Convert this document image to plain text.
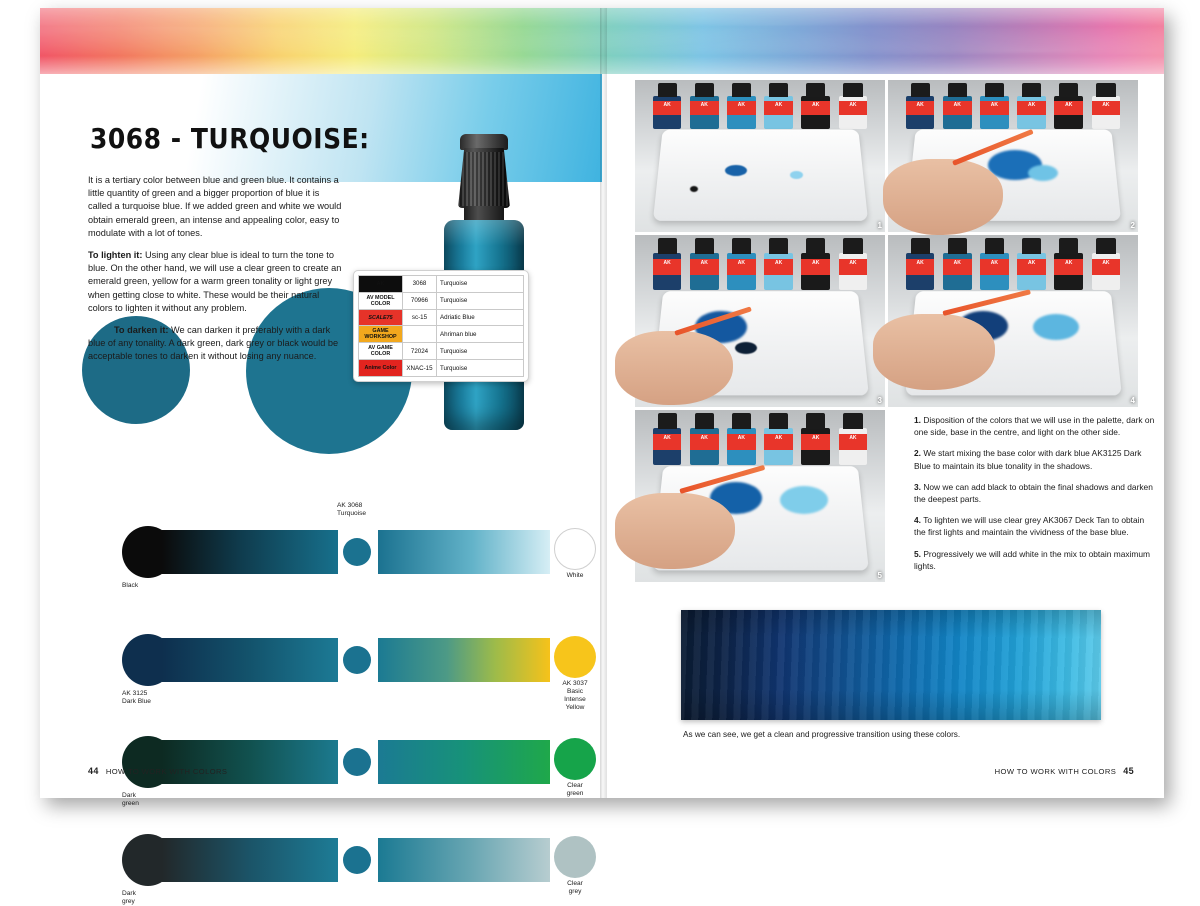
3068 - TURQUOISE:

It is a tertiary color between blue and green blue. It contains a little quantity of green and a bigger proportion of blue it is called a turquoise blue. If we added green and white we would obtain emerald green, an intense and appealing color, easy to modulate with a lot of tones.

To lighten it: Using any clear blue is ideal to turn the tone to blue. On the other hand, we will use a clear green to create an emerald green, yellow for a warm green tonality or light grey when getting close to white. These would be their natural colors to lighten it without any problem.

To darken it: We can darken it preferably with a dark blue of any tonality. A dark green, dark grey or black would be acceptable tones to darken it without losing any nuance.

AK	3068	Turquoise
AV MODEL COLOR	70966	Turquoise
SCALE75	sc-15	Adriatic Blue
GAME WORKSHOP		Ahriman blue
AV GAME COLOR	72024	Turquoise
Anime Color	XNAC-15	Turquoise
AK 3068
Turquoise
Black
White
AK 3125
Dark Blue
AK 3037
Basic
Intense
Yellow
Dark
green
Clear
green
Dark
grey
Clear
grey
44 HOW TO WORK WITH COLORS
AK
AK
AK
AK
AK
AK
1
AK
AK
AK
AK
AK
AK	2
AK
AK
AK
AK
AK
AK
3
AK
AK
AK
AK
AK
AK	4
AK
AK
AK
AK
AK
AK
5

1. Disposition of the colors that we will use in the palette, dark on one side, base in the centre, and light on the other side.

2. We start mixing the base color with dark blue AK3125 Dark Blue to maintain its blue tonality in the shadows.

3. Now we can add black to obtain the final shadows and darken the deepest parts.

4. To lighten we will use clear grey AK3067 Deck Tan to obtain the first lights and maintain the vividness of the base blue.

5. Progressively we will add white in the mix to obtain maximum lights.

As we can see, we get a clean and progressive transition using these colors.
HOW TO WORK WITH COLORS 45
